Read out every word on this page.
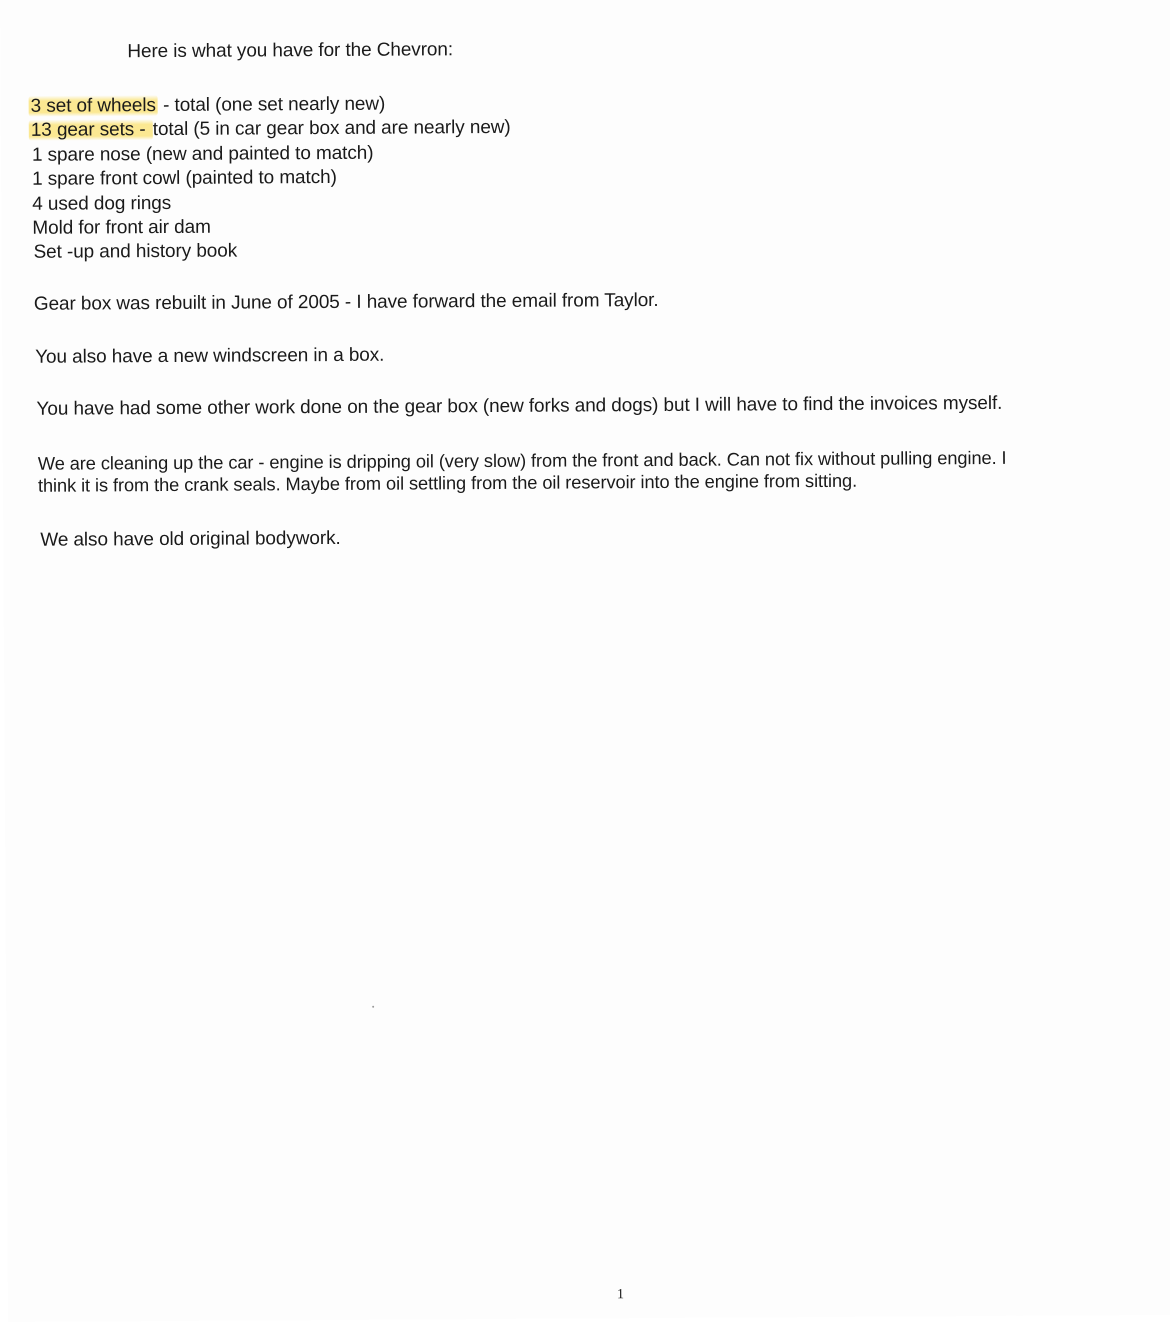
Here is what you have for the Chevron:
3 set of wheels - total (one set nearly new)
13 gear sets - total (5 in car gear box and are nearly new)
1 spare nose (new and painted to match)
1 spare front cowl (painted to match)
4 used dog rings
Mold for front air dam
Set -up and history book
Gear box was rebuilt in June of 2005 - I have forward the email from Taylor.
You also have a new windscreen in a box.
You have had some other work done on the gear box (new forks and dogs) but I will have to find the invoices myself.
We are cleaning up the car - engine is dripping oil (very slow) from the front and back. Can not fix without pulling engine. I
think it is from the crank seals. Maybe from oil settling from the oil reservoir into the engine from sitting.
We also have old original bodywork.
1
